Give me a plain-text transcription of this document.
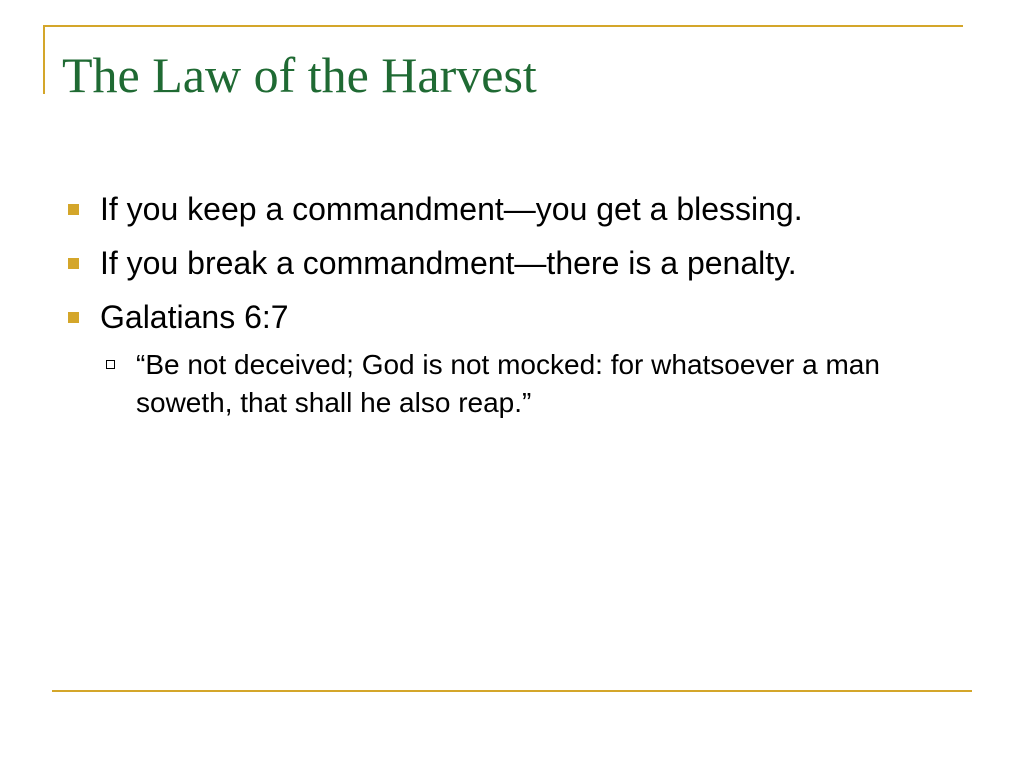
The Law of the Harvest
If you keep a commandment—you get a blessing.
If you break a commandment—there is a penalty.
Galatians 6:7
“Be not deceived; God is not mocked: for whatsoever a man soweth, that shall he also reap.”
